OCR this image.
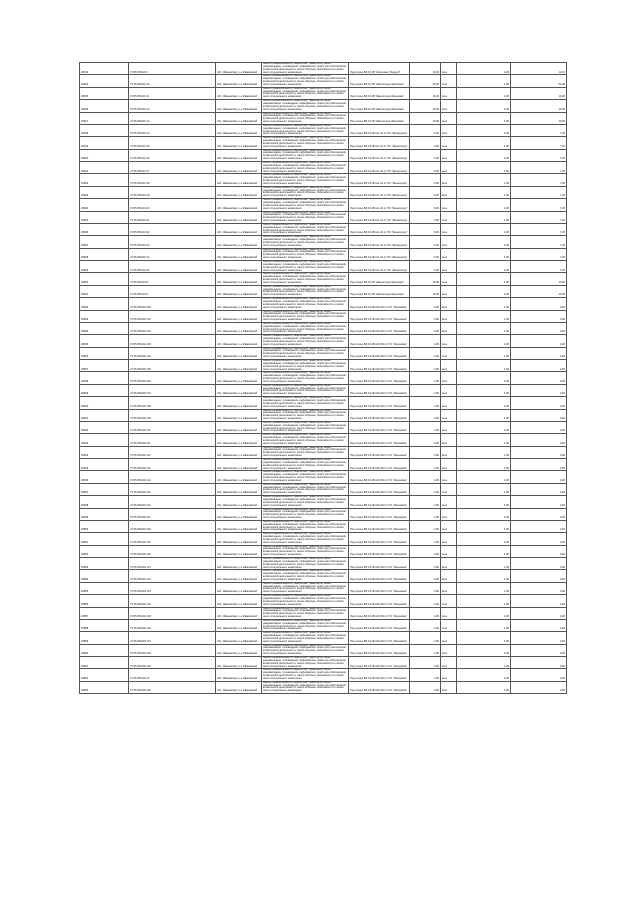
20813	37:05:050322:0	обл. Ивановская, р-н Ивановский	Земли промышленности, энергетики, транспорта, связи, радиовещания, телевидения, информатики, земли для обеспечения космической деятельности, земли обороны, безопасности и земли иного специального назначения	Под опоры ВЛ-10 кВ "Жерновка" Фидер 8	10,00	кв.м	1,00	12,10
20814	37:05:050401:10	обл. Ивановская, р-н Ивановский	Земли промышленности, энергетики, транспорта, связи, радиовещания, телевидения, информатики, земли для обеспечения космической деятельности, земли обороны, безопасности и земли иного специального назначения	Под опоры ВЛ-10 кВ "Звенигород-Жерновка"	45,00	кв.м	1,00	54,45
20815	37:05:050401:11	обл. Ивановская, р-н Ивановский	Земли промышленности, энергетики, транспорта, связи, радиовещания, телевидения, информатики, земли для обеспечения космической деятельности, земли обороны, безопасности и земли иного специального назначения	Под опоры ВЛ-10 кВ "Звенигород-Жерновка"	16,00	кв.м	1,00	19,36
20816	37:05:050401:12	обл. Ивановская, р-н Ивановский	Земли промышленности, энергетики, транспорта, связи, радиовещания, телевидения, информатики, земли для обеспечения космической деятельности, земли обороны, безопасности и земли иного специального назначения	Под опоры ВЛ-10 кВ "Звенигород-Жерновка"	16,00	кв.м	1,00	19,36
20817	37:05:050401:13	обл. Ивановская, р-н Ивановский	Земли промышленности, энергетики, транспорта, связи, радиовещания, телевидения, информатики, земли для обеспечения космической деятельности, земли обороны, безопасности и земли иного специального назначения	Под опоры ВЛ-10 кВ "Звенигород-Жерновка"	16,00	кв.м	1,00	19,36
20818	37:05:050401:14	обл. Ивановская, р-н Ивановский	Земли промышленности, энергетики, транспорта, связи, радиовещания, телевидения, информатики, земли для обеспечения космической деятельности, земли обороны, безопасности и земли иного специального назначения	Под опоры ВЛ-10 кВ №1 22 от ПС "Звенигород"	6,00	кв.м	1,00	7,26
20819	37:05:050401:15	обл. Ивановская, р-н Ивановский	Земли промышленности, энергетики, транспорта, связи, радиовещания, телевидения, информатики, земли для обеспечения космической деятельности, земли обороны, безопасности и земли иного специального назначения	Под опоры ВЛ-10 кВ №1 22 от ПС "Звенигород"	6,00	кв.м	1,00	7,26
20820	37:05:050401:16	обл. Ивановская, р-н Ивановский	Земли промышленности, энергетики, транспорта, связи, радиовещания, телевидения, информатики, земли для обеспечения космической деятельности, земли обороны, безопасности и земли иного специального назначения	Под опоры ВЛ-10 кВ №1 22 от ПС "Звенигород"	6,00	кв.м	1,00	7,26
20821	37:05:050401:17	обл. Ивановская, р-н Ивановский	Земли промышленности, энергетики, транспорта, связи, радиовещания, телевидения, информатики, земли для обеспечения космической деятельности, земли обороны, безопасности и земли иного специального назначения	Под опоры ВЛ-10 кВ №1 22 от ПС "Звенигород"	6,00	кв.м	1,00	7,26
20822	37:05:050401:18	обл. Ивановская, р-н Ивановский	Земли промышленности, энергетики, транспорта, связи, радиовещания, телевидения, информатики, земли для обеспечения космической деятельности, земли обороны, безопасности и земли иного специального назначения	Под опоры ВЛ-10 кВ №1 22 от ПС "Звенигород"	6,00	кв.м	1,00	7,26
20823	37:05:050401:19	обл. Ивановская, р-н Ивановский	Земли промышленности, энергетики, транспорта, связи, радиовещания, телевидения, информатики, земли для обеспечения космической деятельности, земли обороны, безопасности и земли иного специального назначения	Под опоры ВЛ-10 кВ №1 22 от ПС "Звенигород"	6,00	кв.м	1,00	7,26
20824	37:05:050401:20	обл. Ивановская, р-н Ивановский	Земли промышленности, энергетики, транспорта, связи, радиовещания, телевидения, информатики, земли для обеспечения космической деятельности, земли обороны, безопасности и земли иного специального назначения	Под опоры ВЛ-10 кВ №1 22 от ПС "Звенигород"	6,00	кв.м	1,00	7,26
20825	37:05:050401:21	обл. Ивановская, р-н Ивановский	Земли промышленности, энергетики, транспорта, связи, радиовещания, телевидения, информатики, земли для обеспечения космической деятельности, земли обороны, безопасности и земли иного специального назначения	Под опоры ВЛ-10 кВ №1 22 от ПС "Звенигород"	6,00	кв.м	1,00	7,26
20826	37:05:050401:22	обл. Ивановская, р-н Ивановский	Земли промышленности, энергетики, транспорта, связи, радиовещания, телевидения, информатики, земли для обеспечения космической деятельности, земли обороны, безопасности и земли иного специального назначения	Под опоры ВЛ-10 кВ №1 22 от ПС "Звенигород"	6,00	кв.м	1,00	7,26
20827	37:05:050401:23	обл. Ивановская, р-н Ивановский	Земли промышленности, энергетики, транспорта, связи, радиовещания, телевидения, информатики, земли для обеспечения космической деятельности, земли обороны, безопасности и земли иного специального назначения	Под опоры ВЛ-10 кВ №1 22 от ПС "Звенигород"	6,00	кв.м	1,00	7,26
20828	37:05:050401:24	обл. Ивановская, р-н Ивановский	Земли промышленности, энергетики, транспорта, связи, радиовещания, телевидения, информатики, земли для обеспечения космической деятельности, земли обороны, безопасности и земли иного специального назначения	Под опоры ВЛ-10 кВ №1 22 от ПС "Звенигород"	6,00	кв.м	1,00	7,26
20829	37:05:050401:25	обл. Ивановская, р-н Ивановский	Земли промышленности, энергетики, транспорта, связи, радиовещания, телевидения, информатики, земли для обеспечения космической деятельности, земли обороны, безопасности и земли иного специального назначения	Под опоры ВЛ-10 кВ №1 22 от ПС "Звенигород"	6,00	кв.м	1,00	7,26
20830	37:05:050401:8	обл. Ивановская, р-н Ивановский	Земли промышленности, энергетики, транспорта, связи, радиовещания, телевидения, информатики, земли для обеспечения космической деятельности, земли обороны, безопасности и земли иного специального назначения	Под опоры ВЛ-10 кВ "Звенигород-Жерновка"	16,00	кв.м	1,00	19,36
20831	37:05:050401:9	обл. Ивановская, р-н Ивановский	Земли промышленности, энергетики, транспорта, связи, радиовещания, телевидения, информатики, земли для обеспечения космической деятельности, земли обороны, безопасности и земли иного специального назначения	Под опоры ВЛ-10 кВ "Звенигород-Жерновка"	16,00	кв.м	1,00	19,36
20832	37:05:050402:100	обл. Ивановская, р-н Ивановский	Земли промышленности, энергетики, транспорта, связи, радиовещания, телевидения, информатики, земли для обеспечения космической деятельности, земли обороны, безопасности и земли иного специального назначения	Под опоры ВЛ-10 кВ №8 100 от ПС "Жерновка"	4,00	кв.м	1,00	4,84
20833	37:05:050402:101	обл. Ивановская, р-н Ивановский	Земли промышленности, энергетики, транспорта, связи, радиовещания, телевидения, информатики, земли для обеспечения космической деятельности, земли обороны, безопасности и земли иного специального назначения	Под опоры ВЛ-10 кВ №8 100 от ПС "Жерновка"	4,00	кв.м	1,00	4,84
20834	37:05:050402:102	обл. Ивановская, р-н Ивановский	Земли промышленности, энергетики, транспорта, связи, радиовещания, телевидения, информатики, земли для обеспечения космической деятельности, земли обороны, безопасности и земли иного специального назначения	Под опоры ВЛ-10 кВ №8 100 от ПС "Жерновка"	4,00	кв.м	1,00	4,84
20835	37:05:050402:103	обл. Ивановская, р-н Ивановский	Земли промышленности, энергетики, транспорта, связи, радиовещания, телевидения, информатики, земли для обеспечения космической деятельности, земли обороны, безопасности и земли иного специального назначения	Под опоры ВЛ-10 кВ №8 100 от ПС "Жерновка"	4,00	кв.м	1,00	4,84
20836	37:05:050402:104	обл. Ивановская, р-н Ивановский	Земли промышленности, энергетики, транспорта, связи, радиовещания, телевидения, информатики, земли для обеспечения космической деятельности, земли обороны, безопасности и земли иного специального назначения	Под опоры ВЛ-10 кВ №8 100 от ПС "Жерновка"	4,00	кв.м	1,00	4,84
20837	37:05:050402:105	обл. Ивановская, р-н Ивановский	Земли промышленности, энергетики, транспорта, связи, радиовещания, телевидения, информатики, земли для обеспечения космической деятельности, земли обороны, безопасности и земли иного специального назначения	Под опоры ВЛ-10 кВ №8 100 от ПС "Жерновка"	4,00	кв.м	1,00	4,84
20838	37:05:050402:106	обл. Ивановская, р-н Ивановский	Земли промышленности, энергетики, транспорта, связи, радиовещания, телевидения, информатики, земли для обеспечения космической деятельности, земли обороны, безопасности и земли иного специального назначения	Под опоры ВЛ-10 кВ №8 100 от ПС "Жерновка"	4,00	кв.м	1,00	4,84
20839	37:05:050402:107	обл. Ивановская, р-н Ивановский	Земли промышленности, энергетики, транспорта, связи, радиовещания, телевидения, информатики, земли для обеспечения космической деятельности, земли обороны, безопасности и земли иного специального назначения	Под опоры ВЛ-10 кВ №8 100 от ПС "Жерновка"	4,00	кв.м	1,00	4,84
20840	37:05:050402:108	обл. Ивановская, р-н Ивановский	Земли промышленности, энергетики, транспорта, связи, радиовещания, телевидения, информатики, земли для обеспечения космической деятельности, земли обороны, безопасности и земли иного специального назначения	Под опоры ВЛ-10 кВ №8 100 от ПС "Жерновка"	4,00	кв.м	1,00	4,84
20841	37:05:050402:109	обл. Ивановская, р-н Ивановский	Земли промышленности, энергетики, транспорта, связи, радиовещания, телевидения, информатики, земли для обеспечения космической деятельности, земли обороны, безопасности и земли иного специального назначения	Под опоры ВЛ-10 кВ №8 100 от ПС "Жерновка"	4,00	кв.м	1,00	4,84
20842	37:05:050402:110	обл. Ивановская, р-н Ивановский	Земли промышленности, энергетики, транспорта, связи, радиовещания, телевидения, информатики, земли для обеспечения космической деятельности, земли обороны, безопасности и земли иного специального назначения	Под опоры ВЛ-10 кВ №8 100 от ПС "Жерновка"	4,00	кв.м	1,00	4,84
20843	37:05:050402:111	обл. Ивановская, р-н Ивановский	Земли промышленности, энергетики, транспорта, связи, радиовещания, телевидения, информатики, земли для обеспечения космической деятельности, земли обороны, безопасности и земли иного специального назначения	Под опоры ВЛ-10 кВ №8 100 от ПС "Жерновка"	4,00	кв.м	1,00	4,84
20844	37:05:050402:112	обл. Ивановская, р-н Ивановский	Земли промышленности, энергетики, транспорта, связи, радиовещания, телевидения, информатики, земли для обеспечения космической деятельности, земли обороны, безопасности и земли иного специального назначения	Под опоры ВЛ-10 кВ №8 100 от ПС "Жерновка"	4,00	кв.м	1,00	4,84
20845	37:05:050402:113	обл. Ивановская, р-н Ивановский	Земли промышленности, энергетики, транспорта, связи, радиовещания, телевидения, информатики, земли для обеспечения космической деятельности, земли обороны, безопасности и земли иного специального назначения	Под опоры ВЛ-10 кВ №8 100 от ПС "Жерновка"	4,00	кв.м	1,00	4,84
20846	37:05:050402:114	обл. Ивановская, р-н Ивановский	Земли промышленности, энергетики, транспорта, связи, радиовещания, телевидения, информатики, земли для обеспечения космической деятельности, земли обороны, безопасности и земли иного специального назначения	Под опоры ВЛ-10 кВ №8 100 от ПС "Жерновка"	4,00	кв.м	1,00	4,84
20847	37:05:050402:115	обл. Ивановская, р-н Ивановский	Земли промышленности, энергетики, транспорта, связи, радиовещания, телевидения, информатики, земли для обеспечения космической деятельности, земли обороны, безопасности и земли иного специального назначения	Под опоры ВЛ-10 кВ №8 100 от ПС "Жерновка"	4,00	кв.м	1,00	4,84
20848	37:05:050402:116	обл. Ивановская, р-н Ивановский	Земли промышленности, энергетики, транспорта, связи, радиовещания, телевидения, информатики, земли для обеспечения космической деятельности, земли обороны, безопасности и земли иного специального назначения	Под опоры ВЛ-10 кВ №8 100 от ПС "Жерновка"	4,00	кв.м	1,00	4,84
20849	37:05:050402:117	обл. Ивановская, р-н Ивановский	Земли промышленности, энергетики, транспорта, связи, радиовещания, телевидения, информатики, земли для обеспечения космической деятельности, земли обороны, безопасности и земли иного специального назначения	Под опоры ВЛ-10 кВ №8 100 от ПС "Жерновка"	4,00	кв.м	1,00	4,84
20850	37:05:050402:118	обл. Ивановская, р-н Ивановский	Земли промышленности, энергетики, транспорта, связи, радиовещания, телевидения, информатики, земли для обеспечения космической деятельности, земли обороны, безопасности и земли иного специального назначения	Под опоры ВЛ-10 кВ №8 100 от ПС "Жерновка"	4,00	кв.м	1,00	4,84
20851	37:05:050402:119	обл. Ивановская, р-н Ивановский	Земли промышленности, энергетики, транспорта, связи, радиовещания, телевидения, информатики, земли для обеспечения космической деятельности, земли обороны, безопасности и земли иного специального назначения	Под опоры ВЛ-10 кВ №8 100 от ПС "Жерновка"	4,00	кв.м	1,00	4,84
20852	37:05:050402:120	обл. Ивановская, р-н Ивановский	Земли промышленности, энергетики, транспорта, связи, радиовещания, телевидения, информатики, земли для обеспечения космической деятельности, земли обороны, безопасности и земли иного специального назначения	Под опоры ВЛ-10 кВ №8 100 от ПС "Жерновка"	4,00	кв.м	1,00	4,84
20853	37:05:050402:121	обл. Ивановская, р-н Ивановский	Земли промышленности, энергетики, транспорта, связи, радиовещания, телевидения, информатики, земли для обеспечения космической деятельности, земли обороны, безопасности и земли иного специального назначения	Под опоры ВЛ-10 кВ №8 100 от ПС "Жерновка"	4,00	кв.м	1,00	4,84
20854	37:05:050402:122	обл. Ивановская, р-н Ивановский	Земли промышленности, энергетики, транспорта, связи, радиовещания, телевидения, информатики, земли для обеспечения космической деятельности, земли обороны, безопасности и земли иного специального назначения	Под опоры ВЛ-10 кВ №8 100 от ПС "Жерновка"	4,00	кв.м	1,00	4,84
20855	37:05:050402:123	обл. Ивановская, р-н Ивановский	Земли промышленности, энергетики, транспорта, связи, радиовещания, телевидения, информатики, земли для обеспечения космической деятельности, земли обороны, безопасности и земли иного специального назначения	Под опоры ВЛ-10 кВ №8 100 от ПС "Жерновка"	4,00	кв.м	1,00	4,84
20856	37:05:050402:124	обл. Ивановская, р-н Ивановский	Земли промышленности, энергетики, транспорта, связи, радиовещания, телевидения, информатики, земли для обеспечения космической деятельности, земли обороны, безопасности и земли иного специального назначения	Под опоры ВЛ-10 кВ №8 100 от ПС "Жерновка"	4,00	кв.м	1,00	4,84
20857	37:05:050402:125	обл. Ивановская, р-н Ивановский	Земли промышленности, энергетики, транспорта, связи, радиовещания, телевидения, информатики, земли для обеспечения космической деятельности, земли обороны, безопасности и земли иного специального назначения	Под опоры ВЛ-10 кВ №8 100 от ПС "Жерновка"	4,00	кв.м	1,00	4,84
20858	37:05:050402:126	обл. Ивановская, р-н Ивановский	Земли промышленности, энергетики, транспорта, связи, радиовещания, телевидения, информатики, земли для обеспечения космической деятельности, земли обороны, безопасности и земли иного специального назначения	Под опоры ВЛ-10 кВ №8 100 от ПС "Жерновка"	4,00	кв.м	1,00	4,84
20859	37:05:050402:127	обл. Ивановская, р-н Ивановский	Земли промышленности, энергетики, транспорта, связи, радиовещания, телевидения, информатики, земли для обеспечения космической деятельности, земли обороны, безопасности и земли иного специального назначения	Под опоры ВЛ-10 кВ №8 100 от ПС "Жерновка"	4,00	кв.м	1,00	4,84
20860	37:05:050402:128	обл. Ивановская, р-н Ивановский	Земли промышленности, энергетики, транспорта, связи, радиовещания, телевидения, информатики, земли для обеспечения космической деятельности, земли обороны, безопасности и земли иного специального назначения	Под опоры ВЛ-10 кВ №8 100 от ПС "Жерновка"	4,00	кв.м	1,00	4,84
20861	37:05:050402:129	обл. Ивановская, р-н Ивановский	Земли промышленности, энергетики, транспорта, связи, радиовещания, телевидения, информатики, земли для обеспечения космической деятельности, земли обороны, безопасности и земли иного специального назначения	Под опоры ВЛ-10 кВ №8 100 от ПС "Жерновка"	4,00	кв.м	1,00	4,84
20862	37:05:050402:13	обл. Ивановская, р-н Ивановский	Земли промышленности, энергетики, транспорта, связи, радиовещания, телевидения, информатики, земли для обеспечения космической деятельности, земли обороны, безопасности и земли иного специального назначения	Под опоры ВЛ-10 кВ №8 100 от ПС "Жерновка"	4,00	кв.м	1,00	4,84
20863	37:05:050402:130	обл. Ивановская, р-н Ивановский	Земли промышленности, энергетики, транспорта, связи, радиовещания, телевидения, информатики, земли для обеспечения космической деятельности, земли обороны, безопасности и земли иного специального назначения	Под опоры ВЛ-10 кВ №8 100 от ПС "Жерновка"	4,00	кв.м	1,00	4,84
